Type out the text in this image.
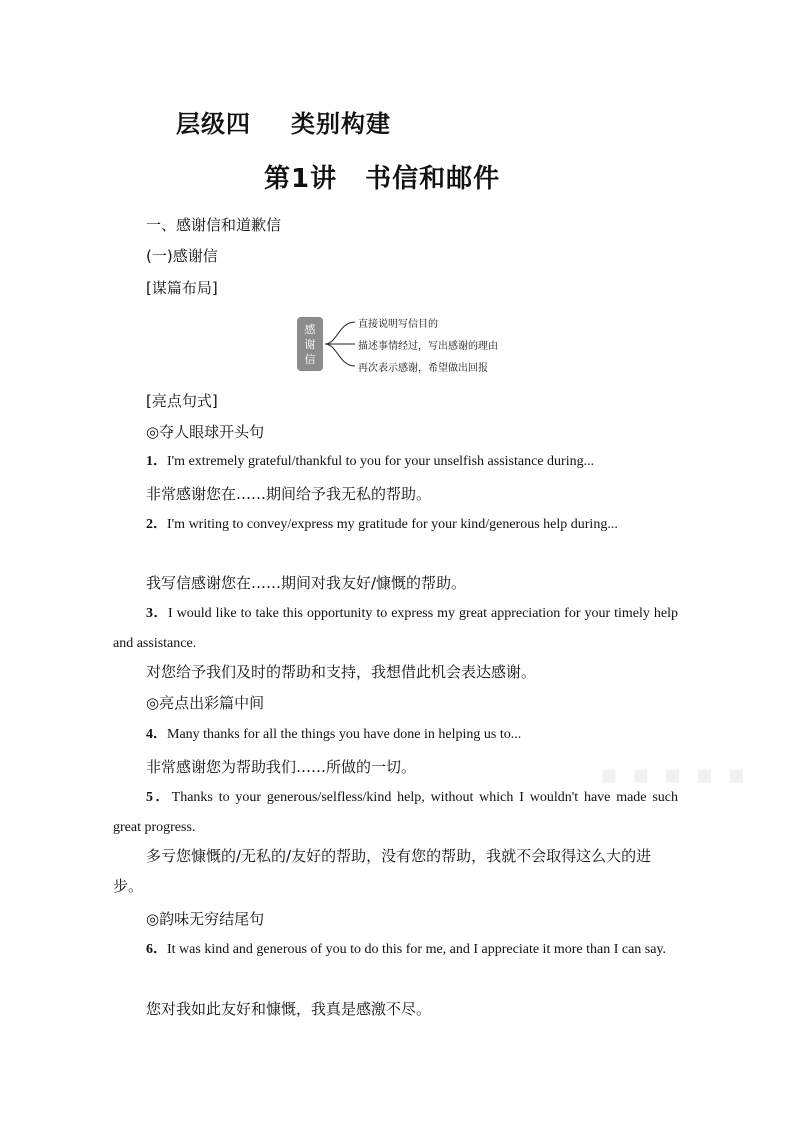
层级四 类别构建
第1讲 书信和邮件
一、感谢信和道歉信
(一)感谢信
[谋篇布局]
感
谢
信
直接说明写信目的
描述事情经过，写出感谢的理由
再次表示感谢，希望做出回报
[亮点句式]
◎夺人眼球开头句
1．I'm extremely grateful/thankful to you for your unselfish assistance during...
非常感谢您在……期间给予我无私的帮助。
2．I'm writing to convey/express my gratitude for your kind/generous help during...
我写信感谢您在……期间对我友好/慷慨的帮助。
3．I would like to take this opportunity to express my great appreciation for your timely help and assistance.
对您给予我们及时的帮助和支持，我想借此机会表达感谢。
◎亮点出彩篇中间
4．Many thanks for all the things you have done in helping us to...
非常感谢您为帮助我们……所做的一切。
5．Thanks to your generous/selfless/kind help, without which I wouldn't have made such great progress.
多亏您慷慨的/无私的/友好的帮助，没有您的帮助，我就不会取得这么大的进步。
◎韵味无穷结尾句
6．It was kind and generous of you to do this for me, and I appreciate it more than I can say.
您对我如此友好和慷慨，我真是感激不尽。
▪ ▪ ▪ ▪ ▪
